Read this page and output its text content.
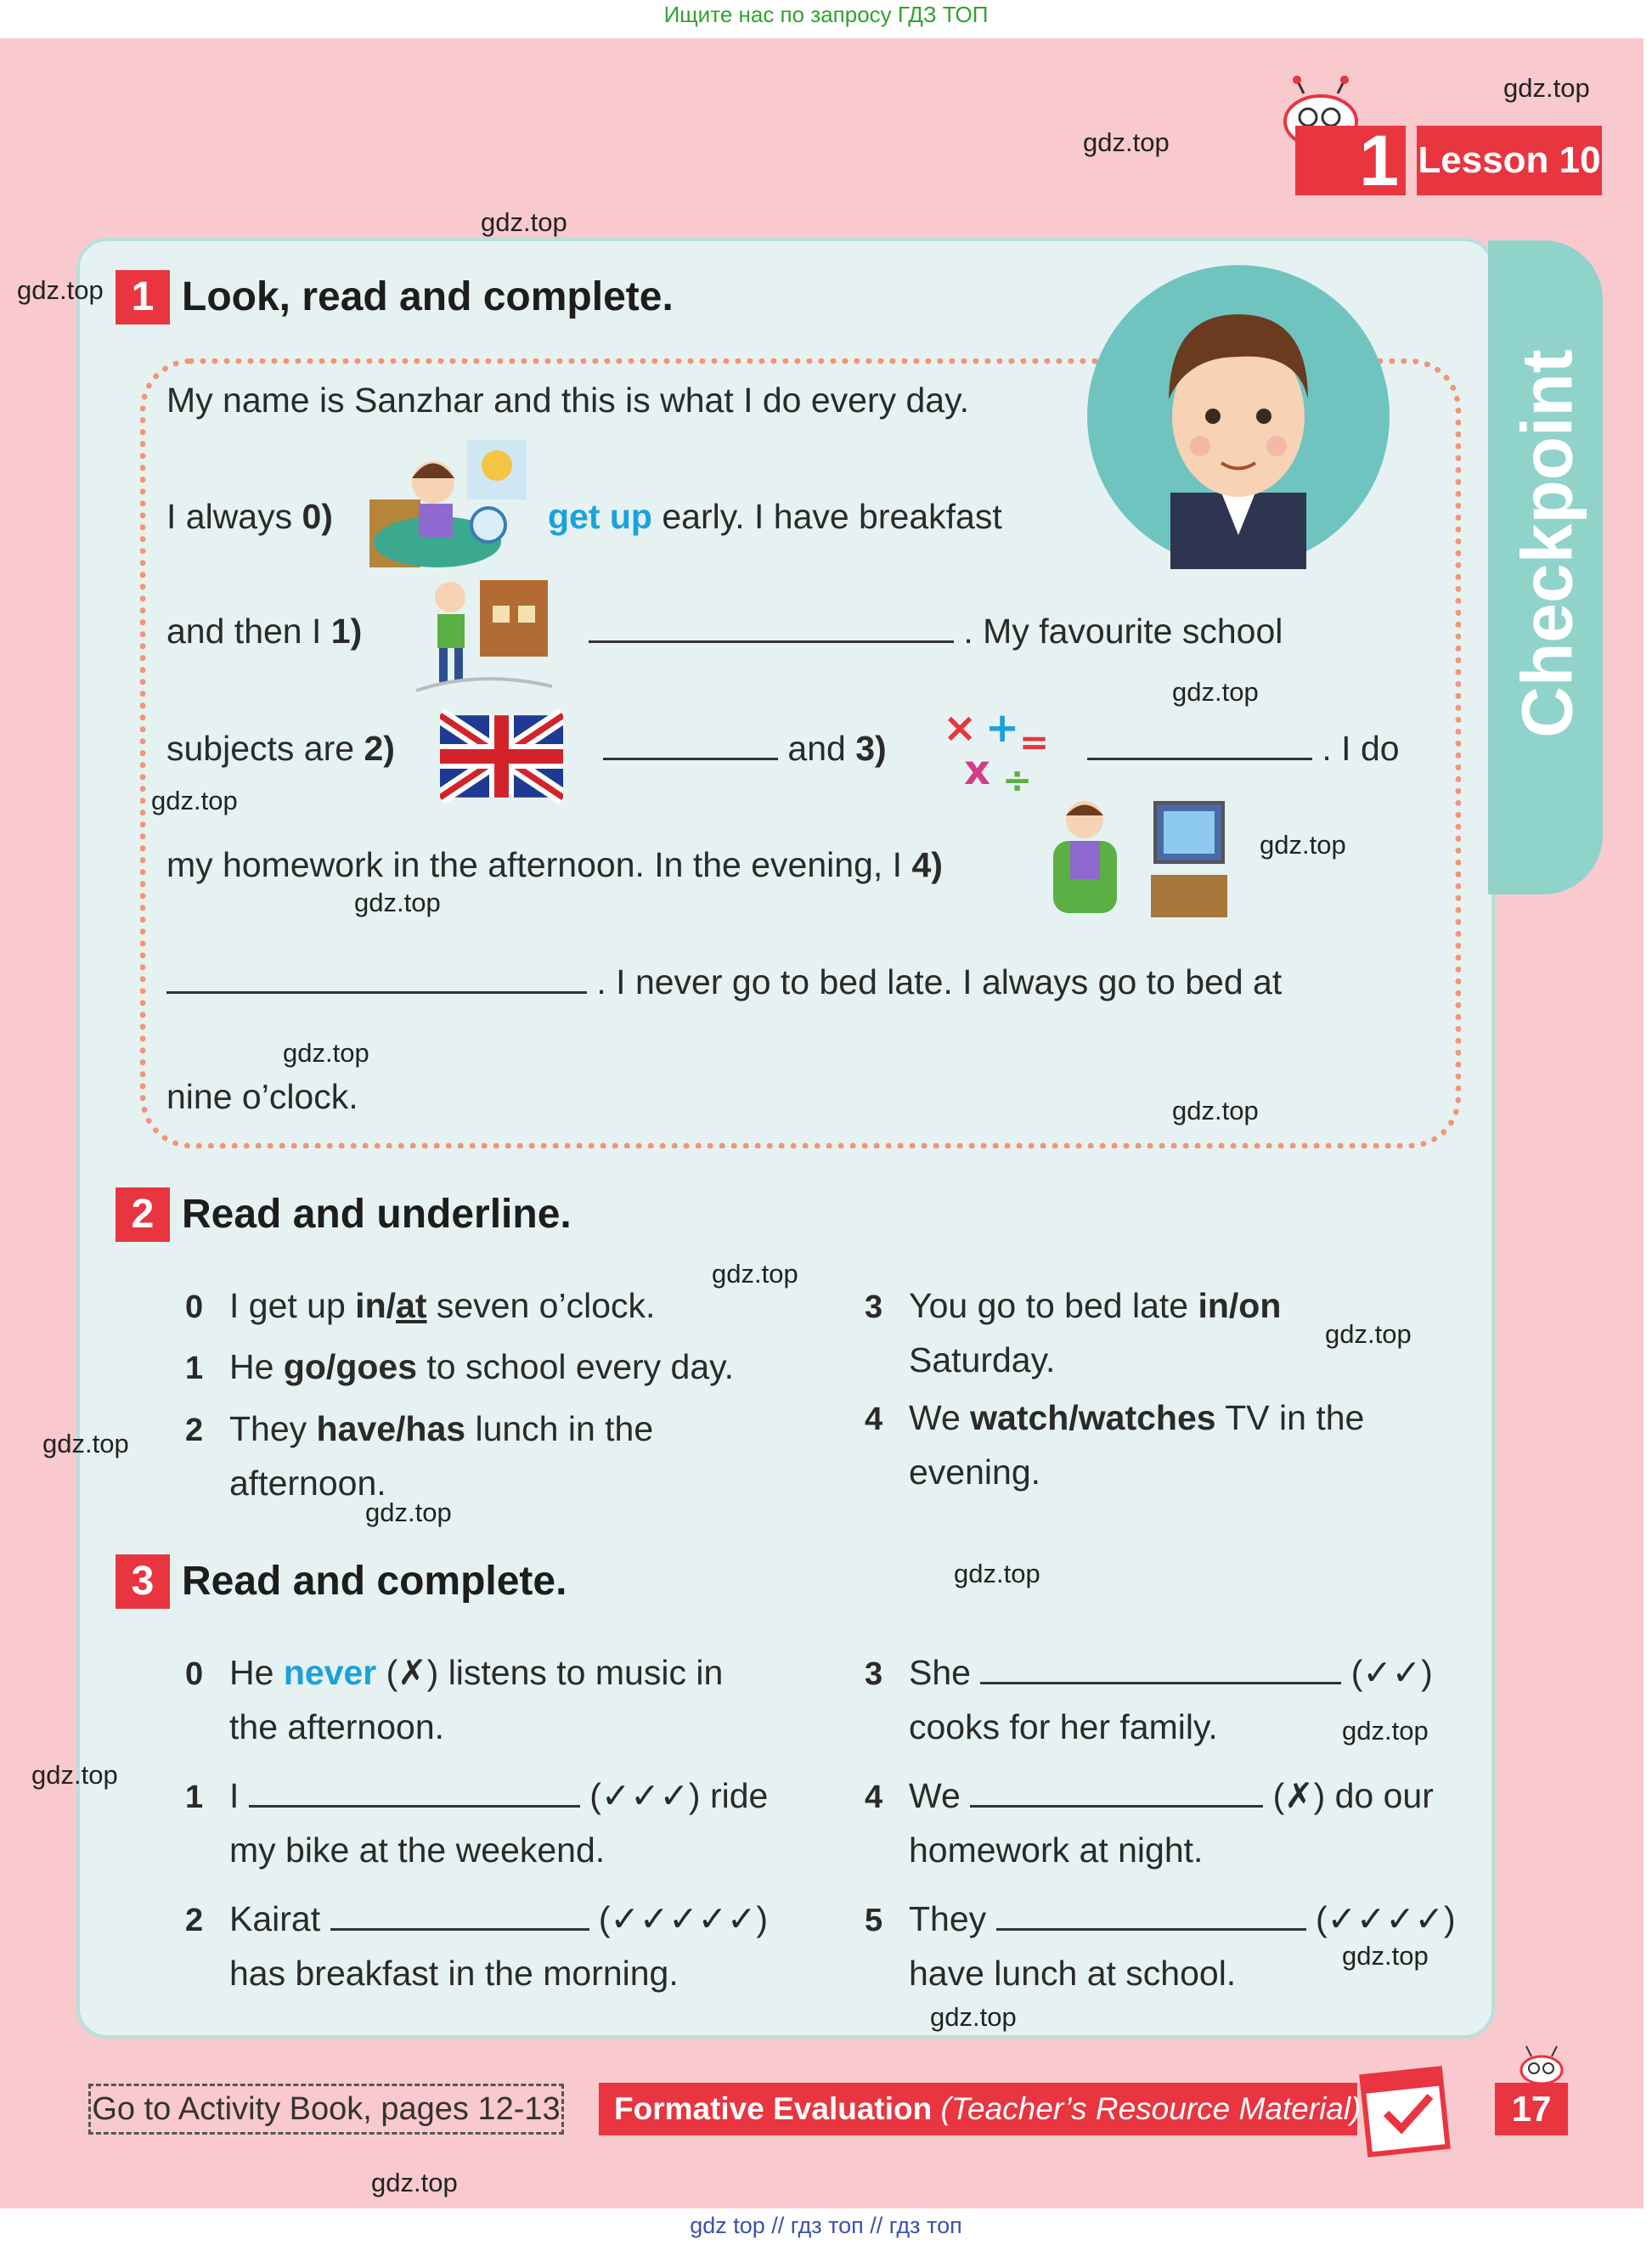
Ищите нас по запросу ГДЗ ТОП
1 Lesson 10
Checkpoint
1 Look, read and complete.
My name is Sanzhar and this is what I do every day.
I always 0)	get up early. I have breakfast
and then I 1)	. My favourite school
subjects are 2)	and 3) × + =
x ÷
. I do
my homework in the afternoon. In the evening, I 4)
. I never go to bed late. I always go to bed at
nine o’clock.
2 Read and underline.
0 I get up in/at seven o’clock.
1 He go/goes to school every day.
2 They have/has lunch in the afternoon.
3 You go to bed late in/on Saturday.
4 We watch/watches TV in the evening.
3 Read and complete.
0 He never (✗) listens to music in
the afternoon.
1 I	(✓✓✓) ride
my bike at the weekend.
2 Kairat	(✓✓✓✓✓)
has breakfast in the morning.
3 She	(✓✓)
cooks for her family.
4 We	(✗) do our
homework at night.
5 They	(✓✓✓✓)
have lunch at school.
Go to Activity Book, pages 12-13	Formative Evaluation (Teacher’s Resource Material)	17
gdz.top
gdz.top
gdz.top
gdz.top
gdz.top
gdz.top
gdz.top
gdz.top
gdz.top
gdz.top
gdz.top
gdz.top
gdz.top
gdz.top
gdz.top
gdz.top
gdz.top
gdz.top
gdz.top
gdz.top
gdz top // гдз топ // гдз топ
